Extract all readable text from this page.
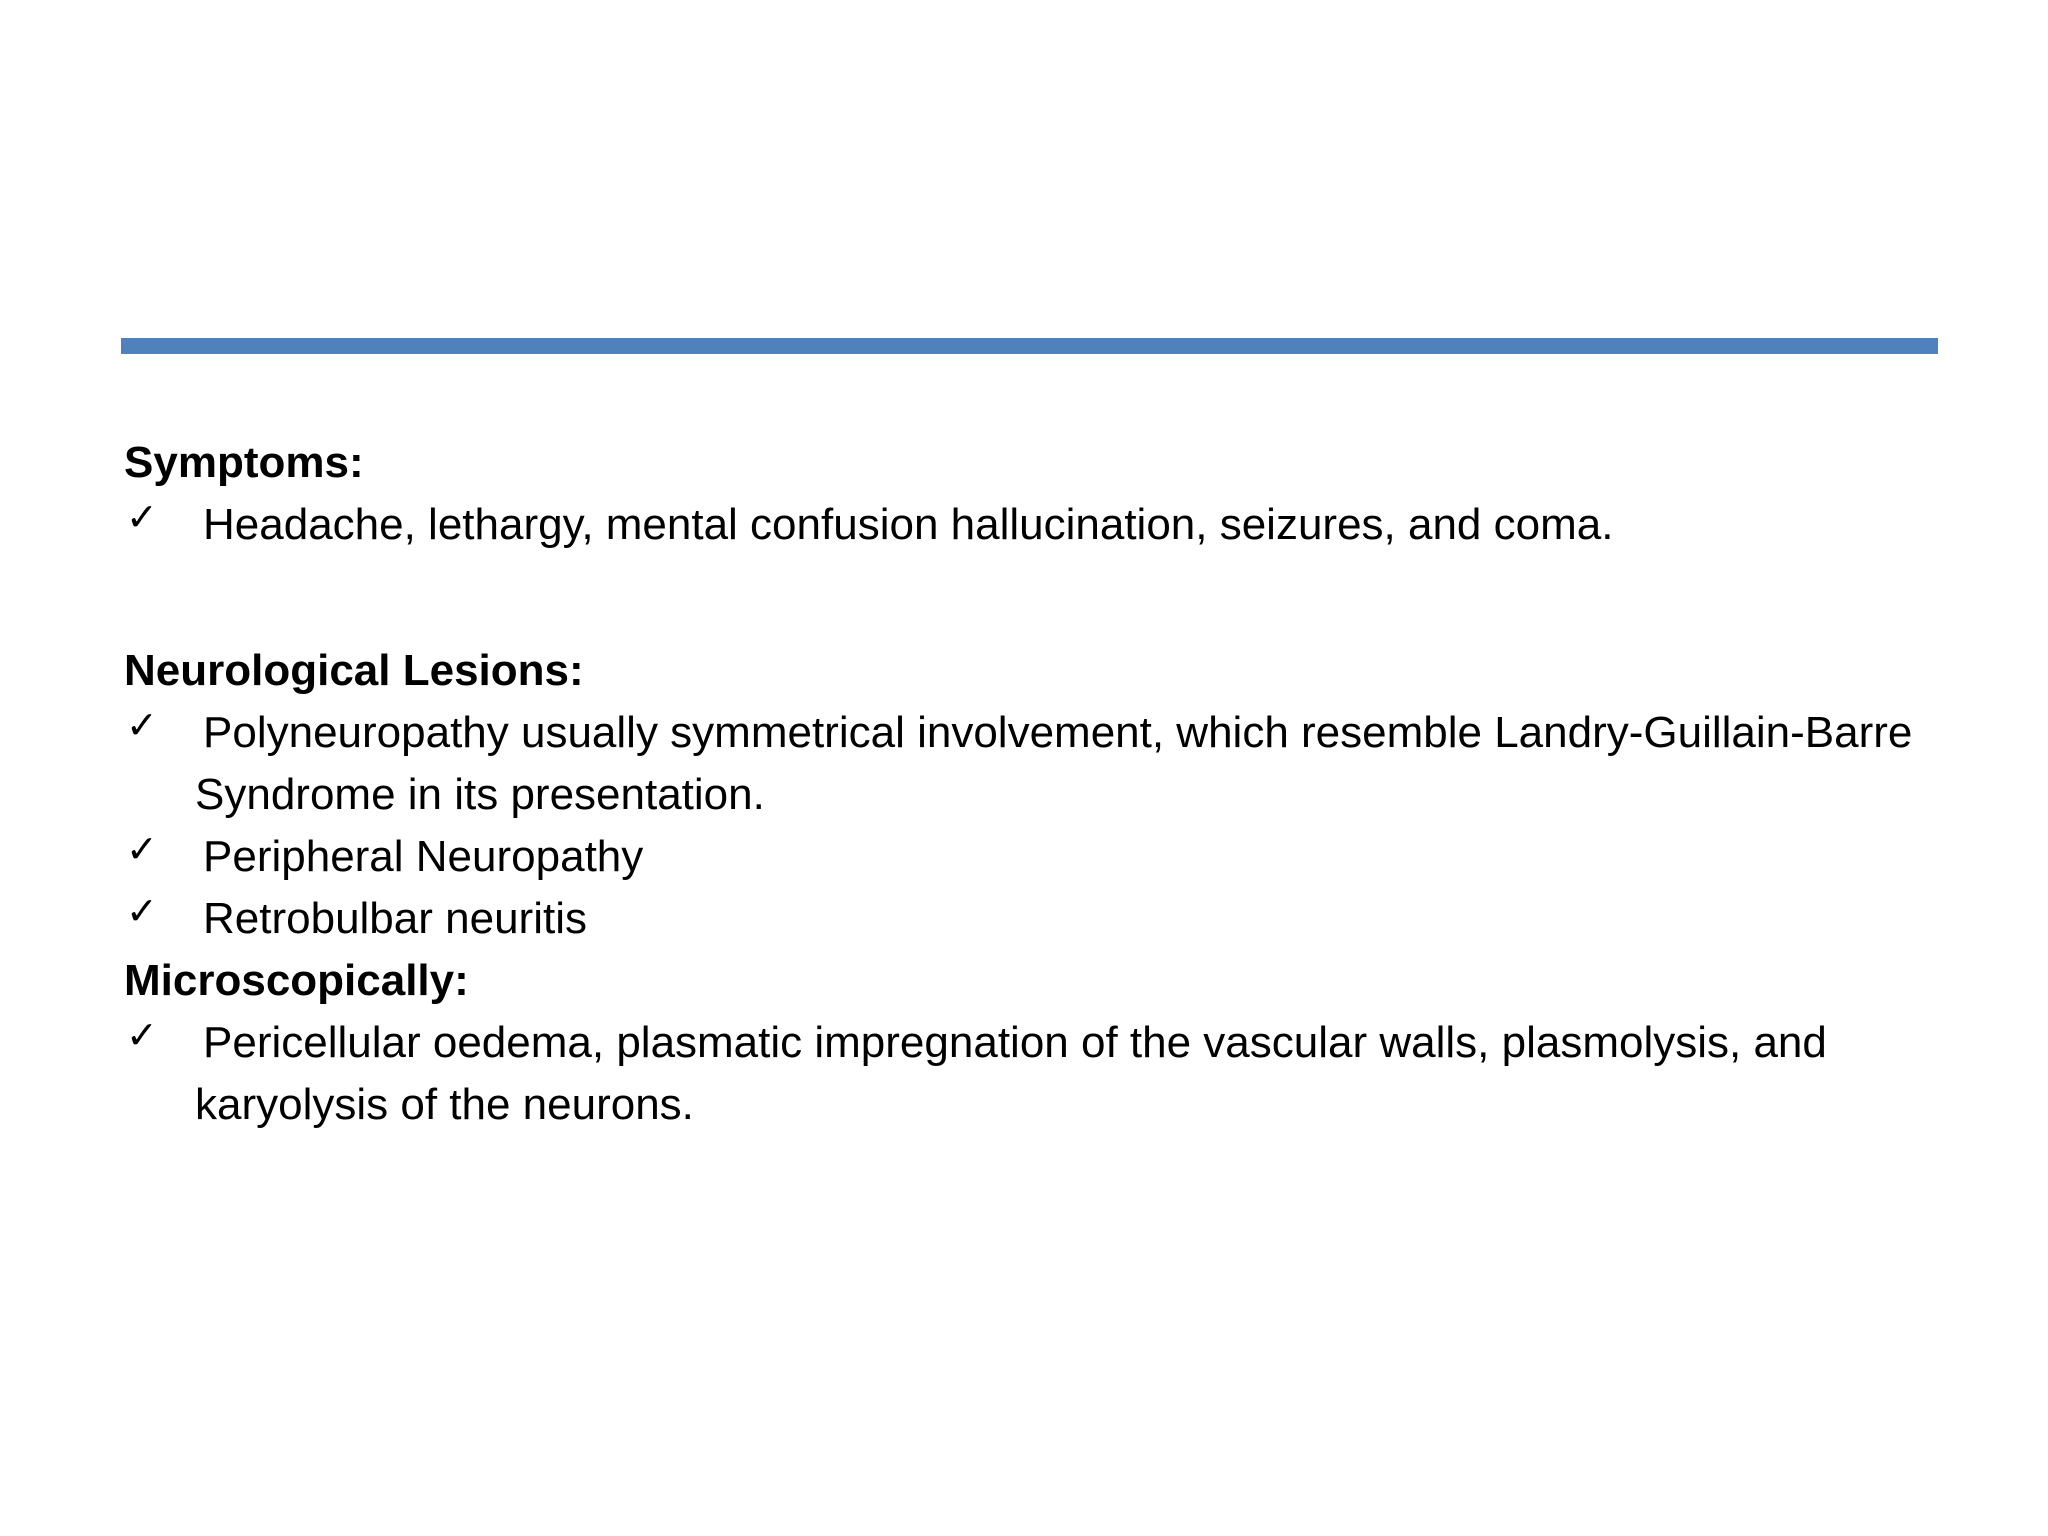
Symptoms:
✓ Headache, lethargy, mental confusion hallucination, seizures, and coma.
Neurological Lesions:
✓ Polyneuropathy usually symmetrical involvement, which resemble Landry-Guillain-Barre Syndrome in its presentation.
✓ Peripheral Neuropathy
✓ Retrobulbar neuritis
Microscopically:
✓ Pericellular oedema, plasmatic impregnation of the vascular walls, plasmolysis, and karyolysis of the neurons.
